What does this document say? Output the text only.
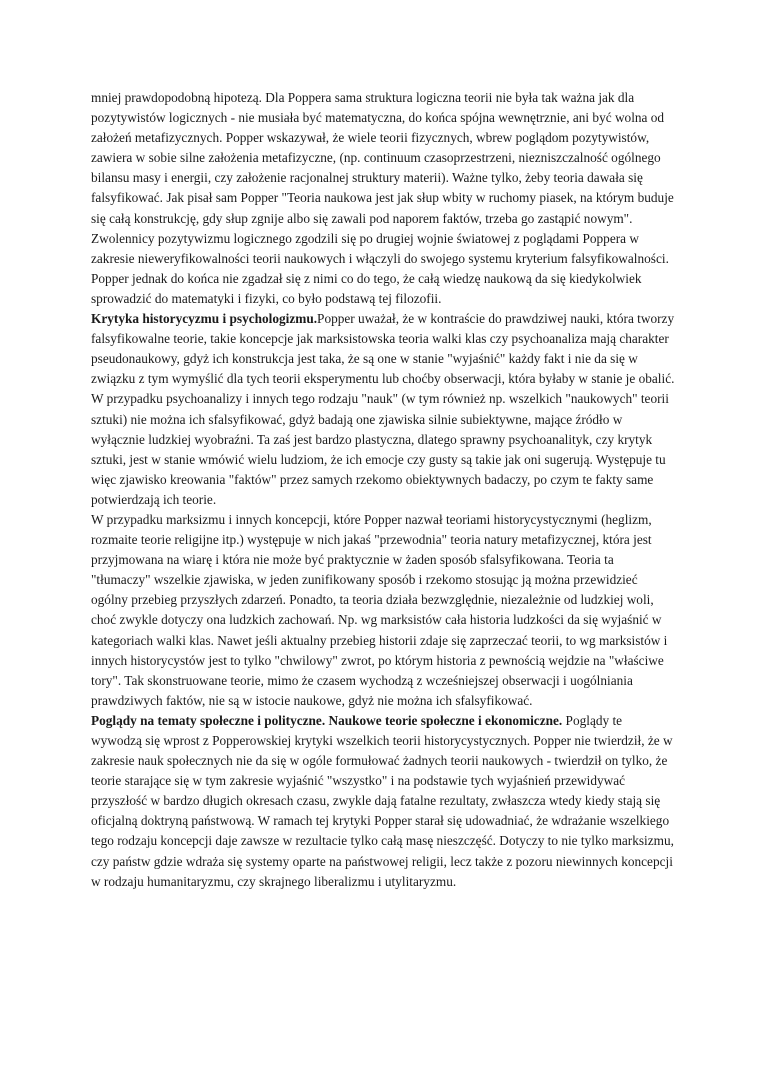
mniej prawdopodobną hipotezą. Dla Poppera sama struktura logiczna teorii nie była tak ważna jak dla pozytywistów logicznych - nie musiała być matematyczna, do końca spójna wewnętrznie, ani być wolna od założeń metafizycznych. Popper wskazywał, że wiele teorii fizycznych, wbrew poglądom pozytywistów, zawiera w sobie silne założenia metafizyczne, (np. continuum czasoprzestrzeni, niezniszczalność ogólnego bilansu masy i energii, czy założenie racjonalnej struktury materii). Ważne tylko, żeby teoria dawała się falsyfikować. Jak pisał sam Popper "Teoria naukowa jest jak słup wbity w ruchomy piasek, na którym buduje się całą konstrukcję, gdy słup zgnije albo się zawali pod naporem faktów, trzeba go zastąpić nowym".

Zwolennicy pozytywizmu logicznego zgodzili się po drugiej wojnie światowej z poglądami Poppera w zakresie nieweryfikowalności teorii naukowych i włączyli do swojego systemu kryterium falsyfikowalności. Popper jednak do końca nie zgadzał się z nimi co do tego, że całą wiedzę naukową da się kiedykolwiek sprowadzić do matematyki i fizyki, co było podstawą tej filozofii.

Krytyka historycyzmu i psychologizmu.Popper uważał, że w kontraście do prawdziwej nauki, która tworzy falsyfikowalne teorie, takie koncepcje jak marksistowska teoria walki klas czy psychoanaliza mają charakter pseudonaukowy, gdyż ich konstrukcja jest taka, że są one w stanie "wyjaśnić" każdy fakt i nie da się w związku z tym wymyślić dla tych teorii eksperymentu lub choćby obserwacji, która byłaby w stanie je obalić.

W przypadku psychoanalizy i innych tego rodzaju "nauk" (w tym również np. wszelkich "naukowych" teorii sztuki) nie można ich sfalsyfikować, gdyż badają one zjawiska silnie subiektywne, mające źródło w wyłącznie ludzkiej wyobraźni. Ta zaś jest bardzo plastyczna, dlatego sprawny psychoanalityk, czy krytyk sztuki, jest w stanie wmówić wielu ludziom, że ich emocje czy gusty są takie jak oni sugerują. Występuje tu więc zjawisko kreowania "faktów" przez samych rzekomo obiektywnych badaczy, po czym te fakty same potwierdzają ich teorie.

W przypadku marksizmu i innych koncepcji, które Popper nazwał teoriami historycystycznymi (heglizm, rozmaite teorie religijne itp.) występuje w nich jakaś "przewodnia" teoria natury metafizycznej, która jest przyjmowana na wiarę i która nie może być praktycznie w żaden sposób sfalsyfikowana. Teoria ta "tłumaczy" wszelkie zjawiska, w jeden zunifikowany sposób i rzekomo stosując ją można przewidzieć ogólny przebieg przyszłych zdarzeń. Ponadto, ta teoria działa bezwzględnie, niezależnie od ludzkiej woli, choć zwykle dotyczy ona ludzkich zachowań. Np. wg marksistów cała historia ludzkości da się wyjaśnić w kategoriach walki klas. Nawet jeśli aktualny przebieg historii zdaje się zaprzeczać teorii, to wg marksistów i innych historycystów jest to tylko "chwilowy" zwrot, po którym historia z pewnością wejdzie na "właściwe tory". Tak skonstruowane teorie, mimo że czasem wychodzą z wcześniejszej obserwacji i uogólniania prawdziwych faktów, nie są w istocie naukowe, gdyż nie można ich sfalsyfikować.

Poglądy na tematy społeczne i polityczne. Naukowe teorie społeczne i ekonomiczne. Poglądy te wywodzą się wprost z Popperowskiej krytyki wszelkich teorii historycystycznych. Popper nie twierdził, że w zakresie nauk społecznych nie da się w ogóle formułować żadnych teorii naukowych - twierdził on tylko, że teorie starające się w tym zakresie wyjaśnić "wszystko" i na podstawie tych wyjaśnień przewidywać przyszłość w bardzo długich okresach czasu, zwykle dają fatalne rezultaty, zwłaszcza wtedy kiedy stają się oficjalną doktryną państwową. W ramach tej krytyki Popper starał się udowadniać, że wdrażanie wszelkiego tego rodzaju koncepcji daje zawsze w rezultacie tylko całą masę nieszczęść. Dotyczy to nie tylko marksizmu, czy państw gdzie wdraża się systemy oparte na państwowej religii, lecz także z pozoru niewinnych koncepcji w rodzaju humanitaryzmu, czy skrajnego liberalizmu i utylitaryzmu.
